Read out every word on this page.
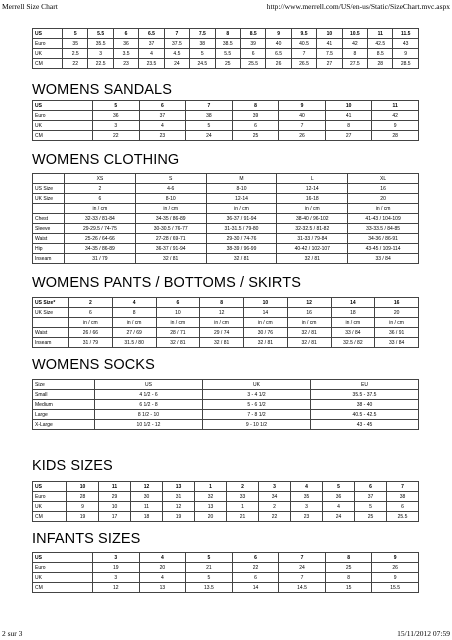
Merrell Size Chart	http://www.merrell.com/US/en-us/Static/SizeChart.mvc.aspx
US	5	5.5	6	6.5	7	7.5	8	8.5	9	9.5	10	10.5	11	11.5
Euro	35	35.5	36	37	37.5	38	38.5	39	40	40.5	41	42	42.5	43
UK	2.5	3	3.5	4	4.5	5	5.5	6	6.5	7	7.5	8	8.5	9
CM	22	22.5	23	23.5	24	24.5	25	25.5	26	26.5	27	27.5	28	28.5
WOMENS SANDALS
US	5	6	7	8	9	10	11
Euro	36	37	38	39	40	41	42
UK	3	4	5	6	7	8	9
CM	22	23	24	25	26	27	28
WOMENS CLOTHING
	XS	S	M	L	XL
US Size	2	4-6	8-10	12-14	16
UK Size	6	8-10	12-14	16-18	20
	in / cm	in / cm	in / cm	in / cm	in / cm
Chest	32-33 / 81-84	34-35 / 86-89	36-37 / 91-94	38-40 / 96-102	41-43 / 104-109
Sleeve	29-29.5 / 74-75	30-30.5 / 76-77	31-31.5 / 79-80	32-32.5 / 81-82	33-33.5 / 84-85
Waist	25-26 / 64-66	27-28 / 69-71	29-30 / 74-76	31-33 / 79-84	34-36 / 86-91
Hip	34-35 / 86-89	36-37 / 91-94	38-39 / 96-99	40-42 / 102-107	43-45 / 109-114
Inseam	31 / 79	32 / 81	32 / 81	32 / 81	33 / 84
WOMENS PANTS / BOTTOMS / SKIRTS
US Size*	2	4	6	8	10	12	14	16
UK Size	6	8	10	12	14	16	18	20
	in / cm	in / cm	in / cm	in / cm	in / cm	in / cm	in / cm	in / cm
Waist	26 / 66	27 / 69	28 / 71	29 / 74	30 / 76	32 / 81	33 / 84	36 / 91
Inseam	31 / 79	31.5 / 80	32 / 81	32 / 81	32 / 81	32 / 81	32.5 / 82	33 / 84
WOMENS SOCKS
Size	US	UK	EU
Small	4 1/2 - 6	3 - 4 1/2	35.5 - 37.5
Medium	6 1/2 - 8	5 - 6 1/2	38 - 40
Large	8 1/2 - 10	7 - 8 1/2	40.5 - 42.5
X-Large	10 1/2 - 12	9 - 10 1/2	43 - 45
KIDS SIZES
US	10	11	12	13	1	2	3	4	5	6	7
Euro	28	29	30	31	32	33	34	35	36	37	38
UK	9	10	11	12	13	1	2	3	4	5	6
CM	19	17	18	19	20	21	22	23	24	25	25.5
INFANTS SIZES
US	3	4	5	6	7	8	9
Euro	19	20	21	22	24	25	26
UK	3	4	5	6	7	8	9
CM	12	13	13.5	14	14.5	15	15.5
2 sur 3	15/11/2012 07:59
